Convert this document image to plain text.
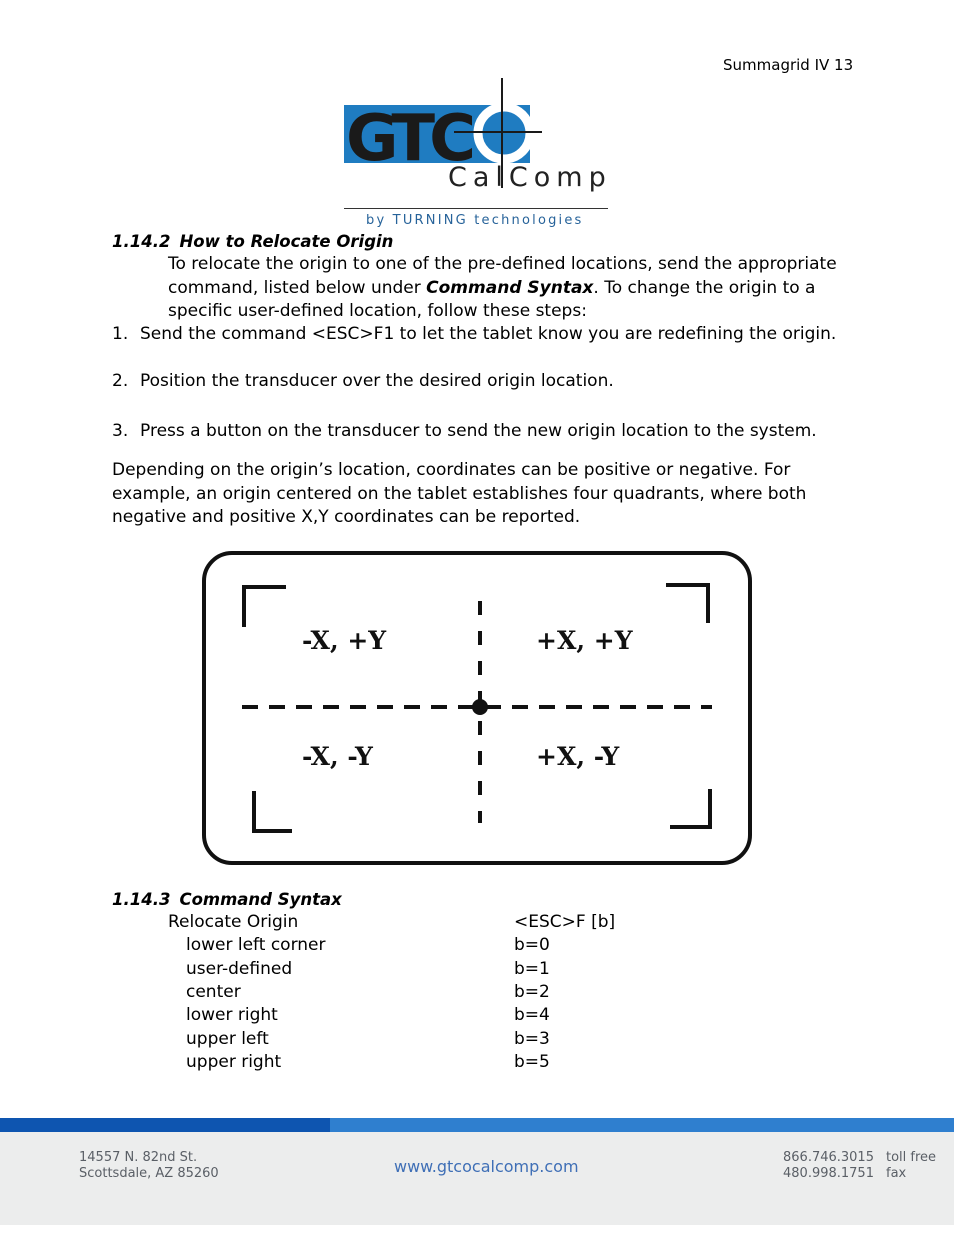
Summagrid IV 13
GTC
CalComp
by TURNING technologies
1.14.2 How to Relocate Origin
To relocate the origin to one of the pre-defined locations, send the appropriate command, listed below under Command Syntax. To change the origin to a specific user-defined location, follow these steps:
1. Send the command <ESC>F1 to let the tablet know you are redefining the origin.
2. Position the transducer over the desired origin location.
3. Press a button on the transducer to send the new origin location to the system.
Depending on the origin’s location, coordinates can be positive or negative. For example, an origin centered on the tablet establishes four quadrants, where both negative and positive X,Y coordinates can be reported.
-X, +Y	+X, +Y
-X, -Y	+X, -Y
1.14.3 Command Syntax
Relocate Origin	<ESC>F [b]
lower left corner	b=0
user-defined	b=1
center	b=2
lower right	b=4
upper left	b=3
upper right	b=5
14557 N. 82nd St.
Scottsdale, AZ 85260	www.gtcocalcomp.com	866.746.3015
480.998.1751
toll free
fax
